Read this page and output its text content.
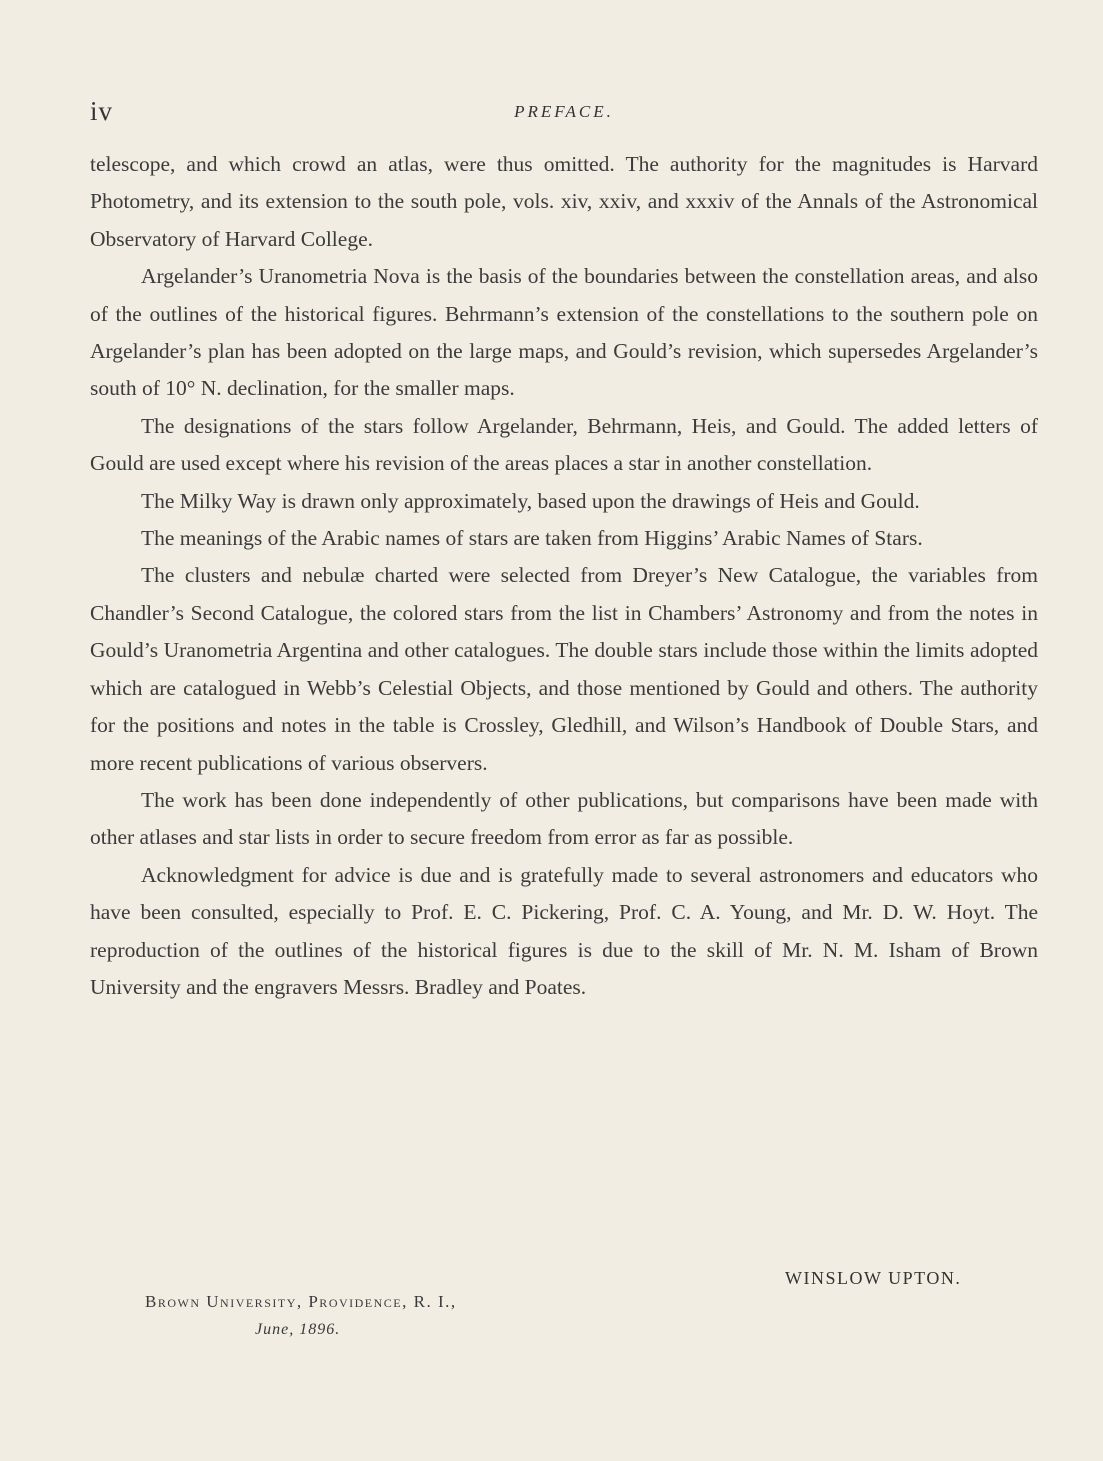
iv	PREFACE.

telescope, and which crowd an atlas, were thus omitted. The authority for the magnitudes is Harvard Photometry, and its extension to the south pole, vols. xiv, xxiv, and xxxiv of the Annals of the Astronomical Observatory of Harvard College.

Argelander’s Uranometria Nova is the basis of the boundaries between the constellation areas, and also of the outlines of the historical figures. Behrmann’s extension of the constellations to the southern pole on Argelander’s plan has been adopted on the large maps, and Gould’s revision, which supersedes Argelander’s south of 10° N. declination, for the smaller maps.

The designations of the stars follow Argelander, Behrmann, Heis, and Gould. The added letters of Gould are used except where his revision of the areas places a star in another constellation.

The Milky Way is drawn only approximately, based upon the drawings of Heis and Gould.

The meanings of the Arabic names of stars are taken from Higgins’ Arabic Names of Stars.

The clusters and nebulæ charted were selected from Dreyer’s New Catalogue, the variables from Chandler’s Second Catalogue, the colored stars from the list in Chambers’ Astronomy and from the notes in Gould’s Uranometria Argentina and other catalogues. The double stars include those within the limits adopted which are catalogued in Webb’s Celestial Objects, and those mentioned by Gould and others. The authority for the positions and notes in the table is Crossley, Gledhill, and Wilson’s Handbook of Double Stars, and more recent publications of various observers.

The work has been done independently of other publications, but comparisons have been made with other atlases and star lists in order to secure freedom from error as far as possible.

Acknowledgment for advice is due and is gratefully made to several astronomers and educators who have been consulted, especially to Prof. E. C. Pickering, Prof. C. A. Young, and Mr. D. W. Hoyt. The reproduction of the outlines of the historical figures is due to the skill of Mr. N. M. Isham of Brown University and the engravers Messrs. Bradley and Poates.

WINSLOW UPTON.
Brown University, Providence, R. I.,
June, 1896.
